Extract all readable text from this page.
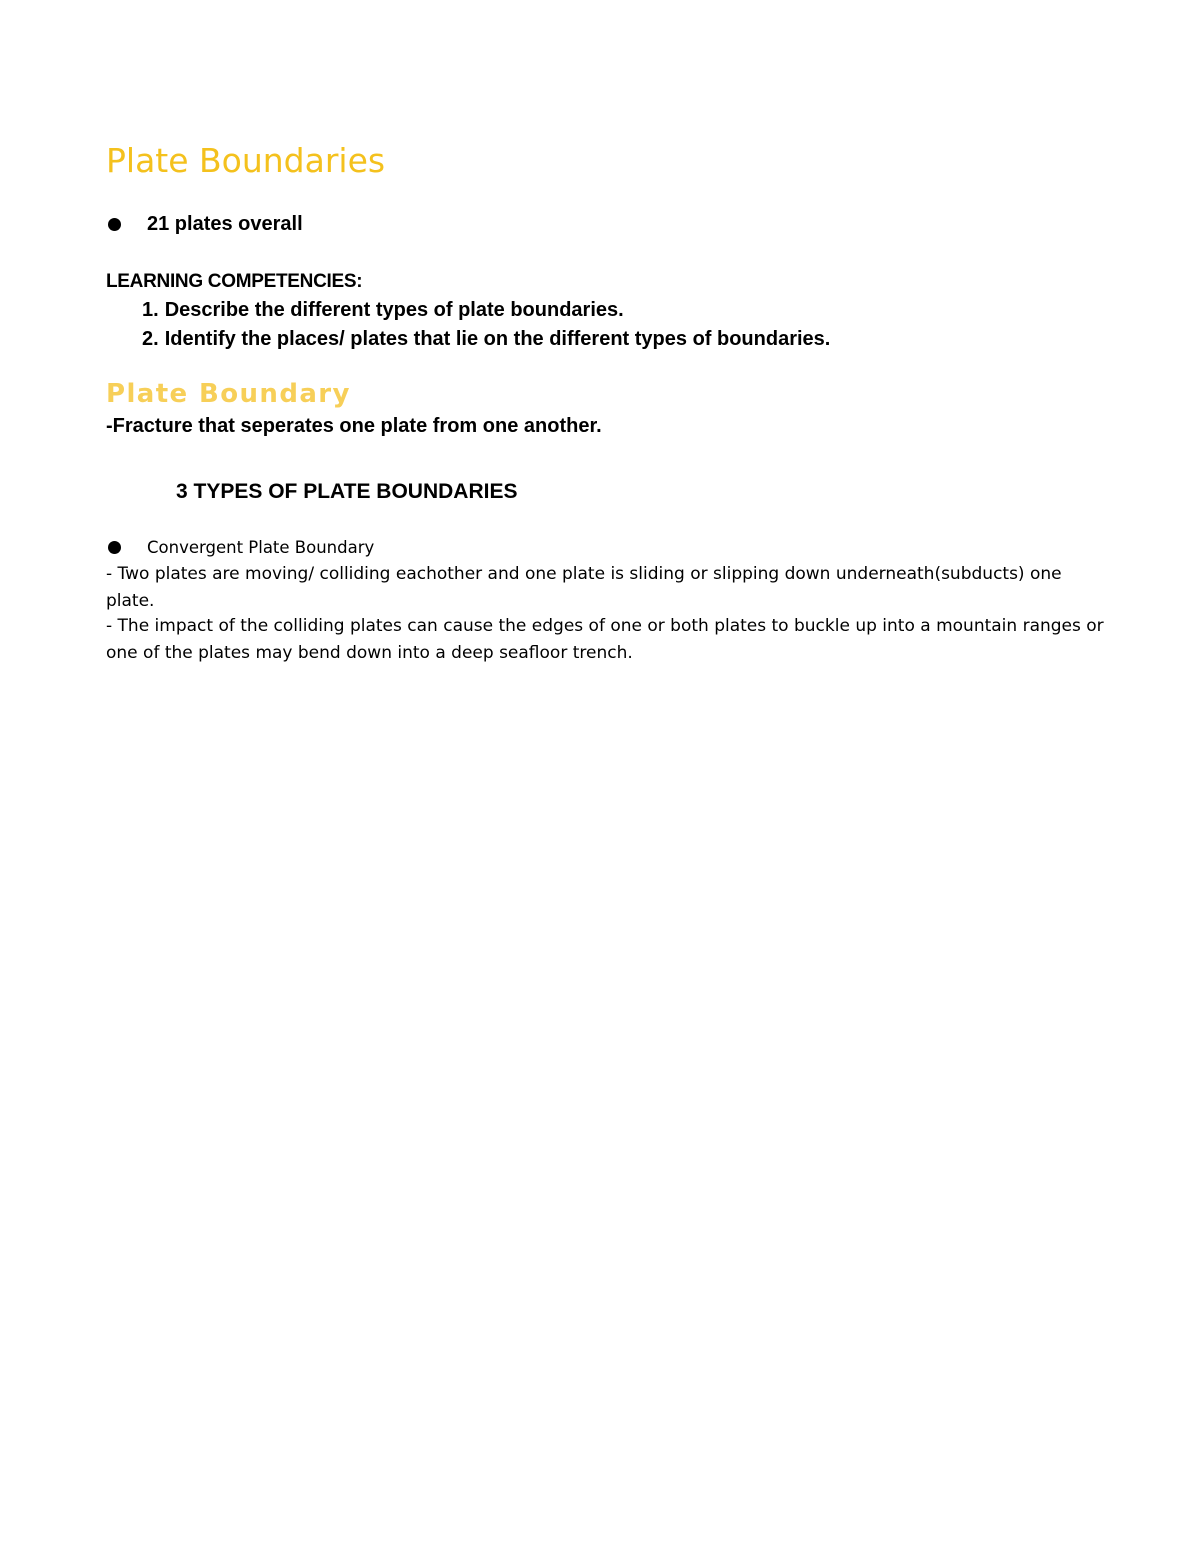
Plate Boundaries
21 plates overall

LEARNING COMPETENCIES:

1. Describe the different types of plate boundaries.
2. Identify the places/ plates that lie on the different types of boundaries.
Plate Boundary

-Fracture that seperates one plate from one another.

3 TYPES OF PLATE BOUNDARIES
Convergent Plate Boundary

- Two plates are moving/ colliding eachother and one plate is sliding or slipping down underneath(subducts) one plate.

- The impact of the colliding plates can cause the edges of one or both plates to buckle up into a mountain ranges or one of the plates may bend down into a deep seafloor trench.
